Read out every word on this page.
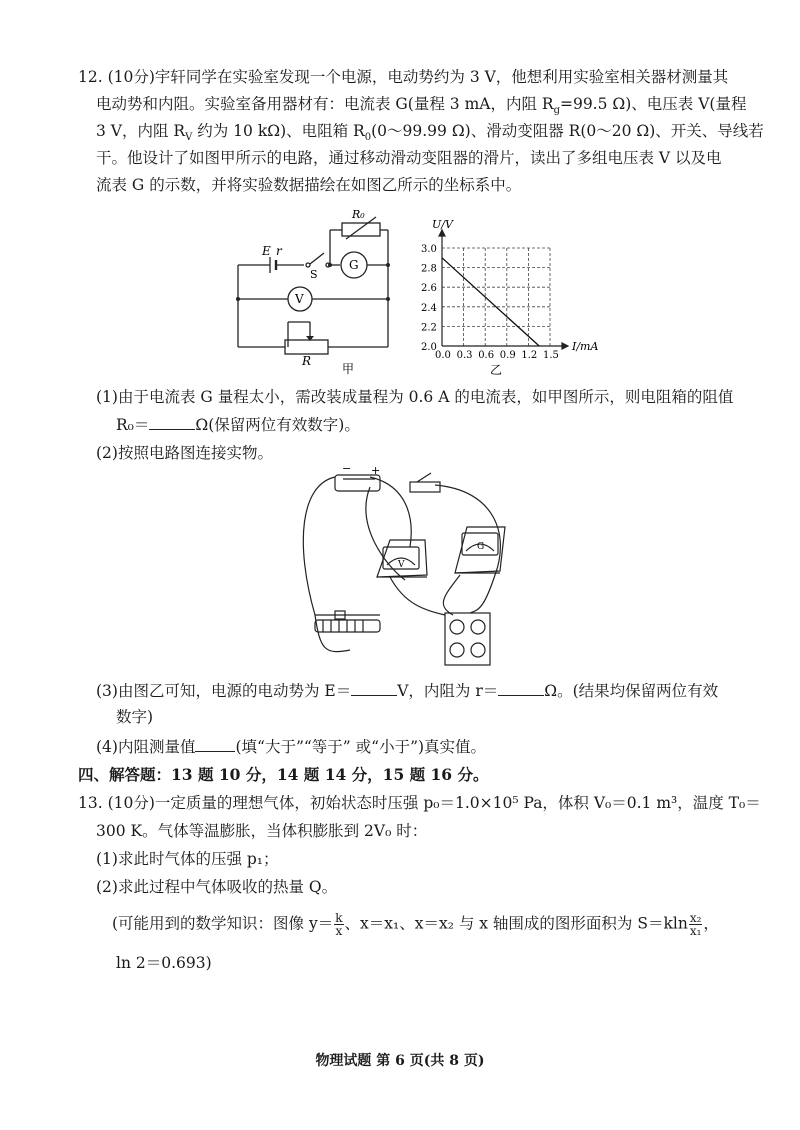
12. (10分)宇轩同学在实验室发现一个电源，电动势约为 3 V，他想利用实验室相关器材测量其
电动势和内阻。实验室备用器材有：电流表 G(量程 3 mA，内阻 $R_g=99.5$ Ω)、电压表 V(量程
3 V，内阻 $R_V$ 约为 10 kΩ)、电阻箱 $R_0(0\sim 99.99$ Ω)、滑动变阻器 R(0～20 Ω)、开关、导线若
干。他设计了如图甲所示的电路，通过移动滑动变阻器的滑片，读出了多组电压表 V 以及电
流表 G 的示数，并将实验数据描绘在如图乙所示的坐标系中。
E r
S
G
V
R
R₀
甲
0.0 0.3 0.6 0.9 1.2 1.5
2.0
2.2
2.4
2.6
2.8
3.0
U/V
I/mA
乙
(1)由于电流表 G 量程太小，需改装成量程为 0.6 A 的电流表，如甲图所示，则电阻箱的阻值
R₀＝	Ω(保留两位有效数字)。
(2)按照电路图连接实物。
− +
V
G
(3)由图乙可知，电源的电动势为 E＝	V，内阻为 r＝	Ω。(结果均保留两位有效
数字)
(4)内阻测量值	(填“大于”“等于” 或“小于”)真实值。
四、解答题：13 题 10 分，14 题 14 分，15 题 16 分。
13. (10分)一定质量的理想气体，初始状态时压强 p₀＝1.0×10⁵ Pa，体积 V₀＝0.1 m³，温度 T₀＝
300 K。气体等温膨胀，当体积膨胀到 2V₀ 时：
(1)求此时气体的压强 p₁；
(2)求此过程中气体吸收的热量 Q。
(可能用到的数学知识：图像 $y= \frac{k}{x}$ 、x＝x₁、x＝x₂ 与 x 轴围成的图形面积为 $S=kln \frac{\text{x₂}}{\text{x₁}}$ ，
ln 2＝0.693)
物理试题 第 6 页(共 8 页)
